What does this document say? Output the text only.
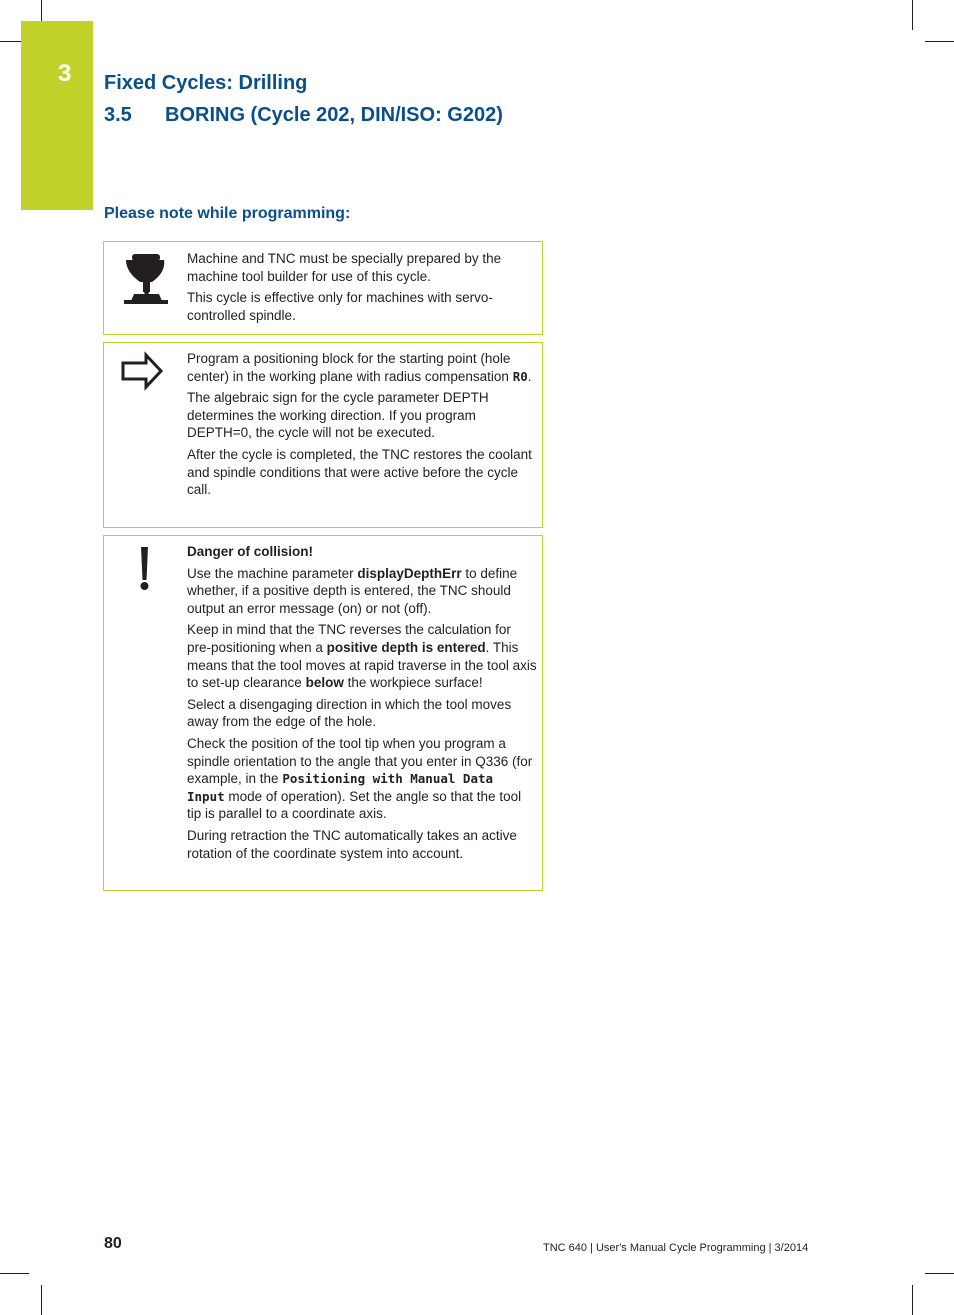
3 Fixed Cycles: Drilling
3.5 BORING (Cycle 202, DIN/ISO: G202)
Please note while programming:

Machine and TNC must be specially prepared by the machine tool builder for use of this cycle.

This cycle is effective only for machines with servo-controlled spindle.

Program a positioning block for the starting point (hole center) in the working plane with radius compensation R0.

The algebraic sign for the cycle parameter DEPTH determines the working direction. If you program DEPTH=0, the cycle will not be executed.

After the cycle is completed, the TNC restores the coolant and spindle conditions that were active before the cycle call.

Danger of collision!

Use the machine parameter displayDepthErr to define whether, if a positive depth is entered, the TNC should output an error message (on) or not (off).

Keep in mind that the TNC reverses the calculation for pre-positioning when a positive depth is entered. This means that the tool moves at rapid traverse in the tool axis to set-up clearance below the workpiece surface!

Select a disengaging direction in which the tool moves away from the edge of the hole.

Check the position of the tool tip when you program a spindle orientation to the angle that you enter in Q336 (for example, in the Positioning with Manual Data Input mode of operation). Set the angle so that the tool tip is parallel to a coordinate axis.

During retraction the TNC automatically takes an active rotation of the coordinate system into account.

80	TNC 640 | User's Manual Cycle Programming | 3/2014
